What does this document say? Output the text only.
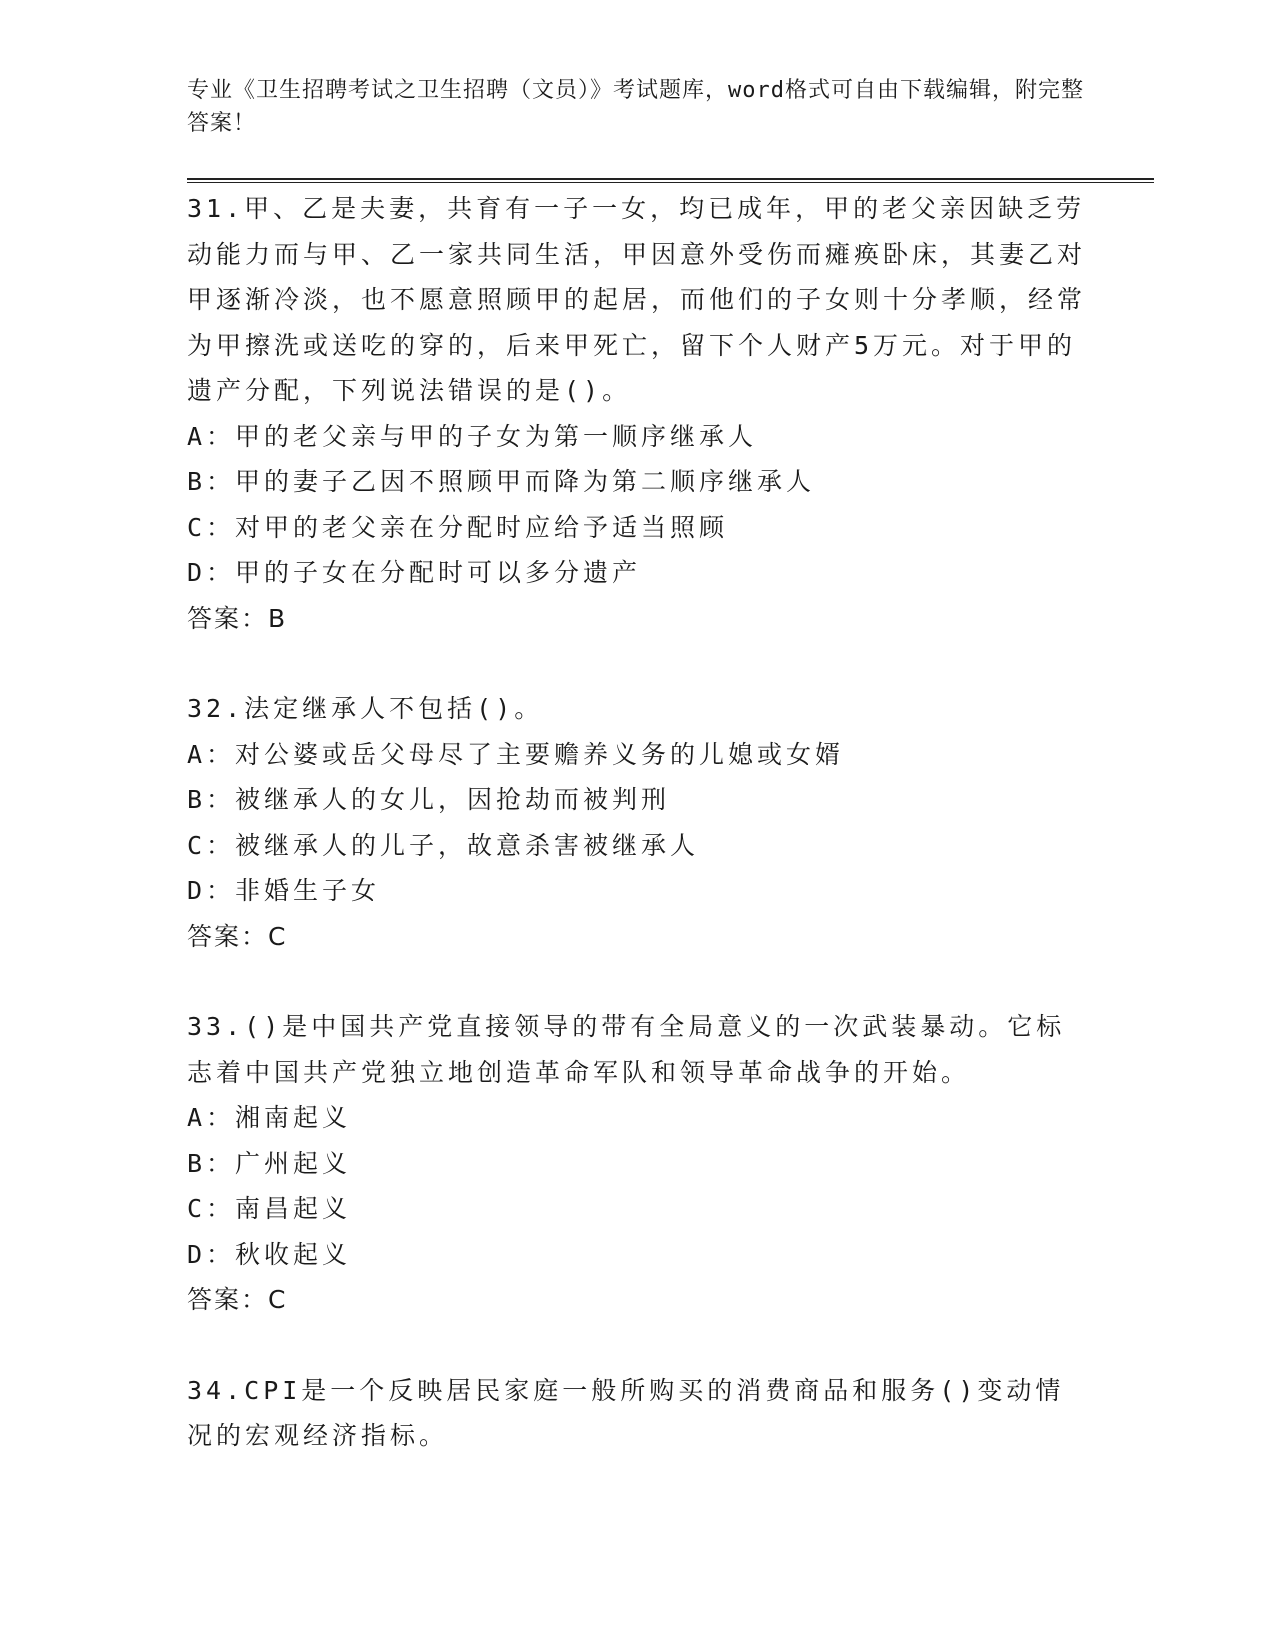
专业《卫生招聘考试之卫生招聘（文员）》考试题库，word格式可自由下载编辑，附完整答案！

31.甲、乙是夫妻，共育有一子一女，均已成年，甲的老父亲因缺乏劳动能力而与甲、乙一家共同生活，甲因意外受伤而瘫痪卧床，其妻乙对甲逐渐冷淡，也不愿意照顾甲的起居，而他们的子女则十分孝顺，经常为甲擦洗或送吃的穿的，后来甲死亡，留下个人财产5万元。对于甲的遗产分配，下列说法错误的是()。

A：甲的老父亲与甲的子女为第一顺序继承人

B：甲的妻子乙因不照顾甲而降为第二顺序继承人

C：对甲的老父亲在分配时应给予适当照顾

D：甲的子女在分配时可以多分遗产

答案：B

32.法定继承人不包括()。

A：对公婆或岳父母尽了主要赡养义务的儿媳或女婿

B：被继承人的女儿，因抢劫而被判刑

C：被继承人的儿子，故意杀害被继承人

D：非婚生子女

答案：C

33.()是中国共产党直接领导的带有全局意义的一次武装暴动。它标志着中国共产党独立地创造革命军队和领导革命战争的开始。

A：湘南起义

B：广州起义

C：南昌起义

D：秋收起义

答案：C

34.CPI是一个反映居民家庭一般所购买的消费商品和服务()变动情况的宏观经济指标。
